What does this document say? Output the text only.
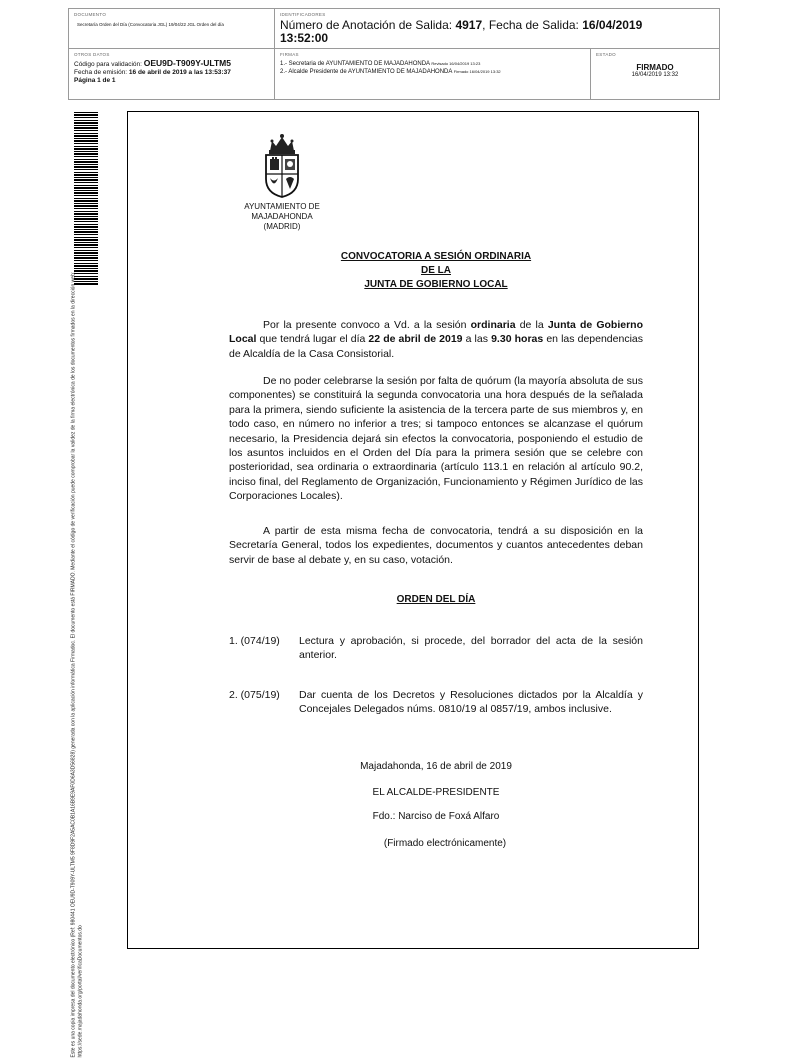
DOCUMENTO
Secretaría Orden del Día (Convocatoria JGL) 19/04/22 JGL Orden del día
IDENTIFICADORES
Número de Anotación de Salida: 4917, Fecha de Salida: 16/04/2019
13:52:00
OTROS DATOS
Código para validación: OEU9D-T909Y-ULTM5
Fecha de emisión: 16 de abril de 2019 a las 13:53:37
Página 1 de 1
FIRMAS
1.- Secretaria de AYUNTAMIENTO DE MAJADAHONDA Revisado 16/04/2019 13:23
2.- Alcalde Presidente de AYUNTAMIENTO DE MAJADAHONDA Firmado 16/04/2019 13:32
ESTADO
FIRMADO
16/04/2019 13:32
Este es una copia impresa del documento electrónico (Ref: 980441 OEU9D-T909Y-ULTM5 9F8D9F2A5AC0B1A16B9E9AF0D6A3D56828) generada con la aplicación informática Firmadoc. El documento está FIRMADO. Mediante el código de verificación puede comprobar la validez de la firma electrónica de los documentos firmados en la dirección web: https://sede.majadahonda.org/portal/verificaDocumentos.do
AYUNTAMIENTO DE
MAJADAHONDA
(MADRID)
CONVOCATORIA A SESIÓN ORDINARIA
DE LA
JUNTA DE GOBIERNO LOCAL

Por la presente convoco a Vd. a la sesión ordinaria de la Junta de Gobierno Local que tendrá lugar el día 22 de abril de 2019 a las 9.30 horas en las dependencias de Alcaldía de la Casa Consistorial.

De no poder celebrarse la sesión por falta de quórum (la mayoría absoluta de sus componentes) se constituirá la segunda convocatoria una hora después de la señalada para la primera, siendo suficiente la asistencia de la tercera parte de sus miembros y, en todo caso, en número no inferior a tres; si tampoco entonces se alcanzase el quórum necesario, la Presidencia dejará sin efectos la convocatoria, posponiendo el estudio de los asuntos incluidos en el Orden del Día para la primera sesión que se celebre con posterioridad, sea ordinaria o extraordinaria (artículo 113.1 en relación al artículo 90.2, inciso final, del Reglamento de Organización, Funcionamiento y Régimen Jurídico de las Corporaciones Locales).

A partir de esta misma fecha de convocatoria, tendrá a su disposición en la Secretaría General, todos los expedientes, documentos y cuantos antecedentes deban servir de base al debate y, en su caso, votación.

ORDEN DEL DÍA
1. (074/19)	Lectura y aprobación, si procede, del borrador del acta de la sesión anterior.
2. (075/19)	Dar cuenta de los Decretos y Resoluciones dictados por la Alcaldía y Concejales Delegados núms. 0810/19 al 0857/19, ambos inclusive.
Majadahonda, 16 de abril de 2019
EL ALCALDE-PRESIDENTE
Fdo.: Narciso de Foxá Alfaro
(Firmado electrónicamente)
